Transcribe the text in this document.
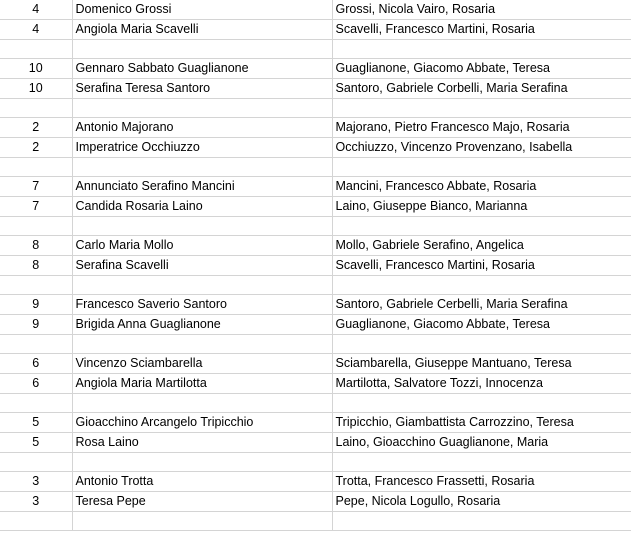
4	Domenico Grossi	Grossi, Nicola Vairo, Rosaria
4	Angiola Maria Scavelli	Scavelli, Francesco Martini, Rosaria

10	Gennaro Sabbato Guaglianone	Guaglianone, Giacomo Abbate, Teresa
10	Serafina Teresa Santoro	Santoro, Gabriele Corbelli, Maria Serafina

2	Antonio Majorano	Majorano, Pietro Francesco Majo, Rosaria
2	Imperatrice Occhiuzzo	Occhiuzzo, Vincenzo Provenzano, Isabella

7	Annunciato Serafino Mancini	Mancini, Francesco Abbate, Rosaria
7	Candida Rosaria Laino	Laino, Giuseppe Bianco, Marianna

8	Carlo Maria Mollo	Mollo, Gabriele Serafino, Angelica
8	Serafina Scavelli	Scavelli, Francesco Martini, Rosaria

9	Francesco Saverio Santoro	Santoro, Gabriele Cerbelli, Maria Serafina
9	Brigida Anna Guaglianone	Guaglianone, Giacomo Abbate, Teresa

6	Vincenzo Sciambarella	Sciambarella, Giuseppe Mantuano, Teresa
6	Angiola Maria Martilotta	Martilotta, Salvatore Tozzi, Innocenza

5	Gioacchino Arcangelo Tripicchio	Tripicchio, Giambattista Carrozzino, Teresa
5	Rosa Laino	Laino, Gioacchino Guaglianone, Maria

3	Antonio Trotta	Trotta, Francesco Frassetti, Rosaria
3	Teresa Pepe	Pepe, Nicola Logullo, Rosaria
